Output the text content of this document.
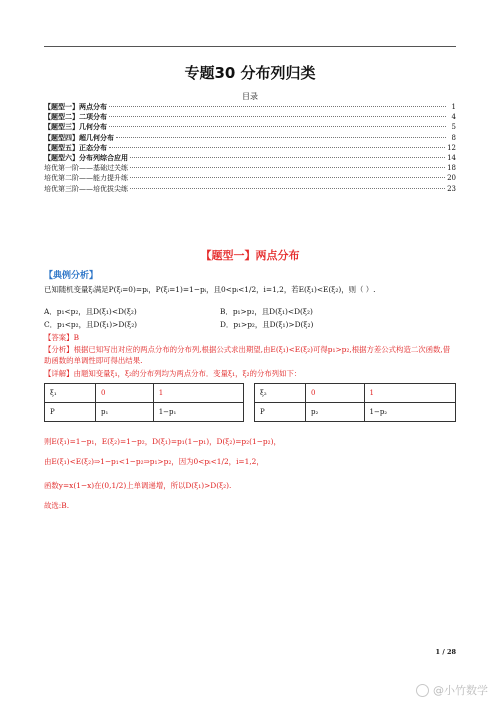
专题30 分布列归类
目录
【题型一】两点分布	1
【题型二】二项分布	4
【题型三】几何分布	5
【题型四】超几何分布	8
【题型五】正态分布	12
【题型六】分布列综合应用	14
培优第一阶——基础过关练	18
培优第二阶——能力提升练	20
培优第三阶——培优拔尖练	23
【题型一】两点分布
【典例分析】
已知随机变量ξᵢ满足P(ξᵢ=0)=pᵢ，P(ξᵢ=1)=1−pᵢ，且0<pᵢ<1/2，i=1,2，若E(ξ₁)<E(ξ₂)，则（ ）.
A．p₁<p₂，且D(ξ₁)<D(ξ₂)	B．p₁>p₂，且D(ξ₁)<D(ξ₂)
C．p₁<p₂，且D(ξ₁)>D(ξ₂)	D．p₁>p₂，且D(ξ₁)>D(ξ₂)
【答案】B
【分析】根据已知写出对应的两点分布的分布列,根据公式求出期望,由E(ξ₁)<E(ξ₂)可得p₁>p₂,根据方差公式构造二次函数,借助函数的单调性即可得出结果.
【详解】由题知变量ξ₁，ξ₂的分布列均为两点分布．变量ξ₁，ξ₂的分布列如下：
ξ₁	0	1
P	p₁	1−p₁
ξ₂	0	1
P	p₂	1−p₂
则E(ξ₁)=1−p₁，E(ξ₂)=1−p₂，D(ξ₁)=p₁(1−p₁)，D(ξ₂)=p₂(1−p₂)，
由E(ξ₁)<E(ξ₂)⇒1−p₁<1−p₂⇒p₁>p₂，因为0<pᵢ<1/2，i=1,2，
函数y=x(1−x)在(0,1/2)上单调递增，所以D(ξ₁)>D(ξ₂).
故选:B.
1 / 28
@小竹数学
